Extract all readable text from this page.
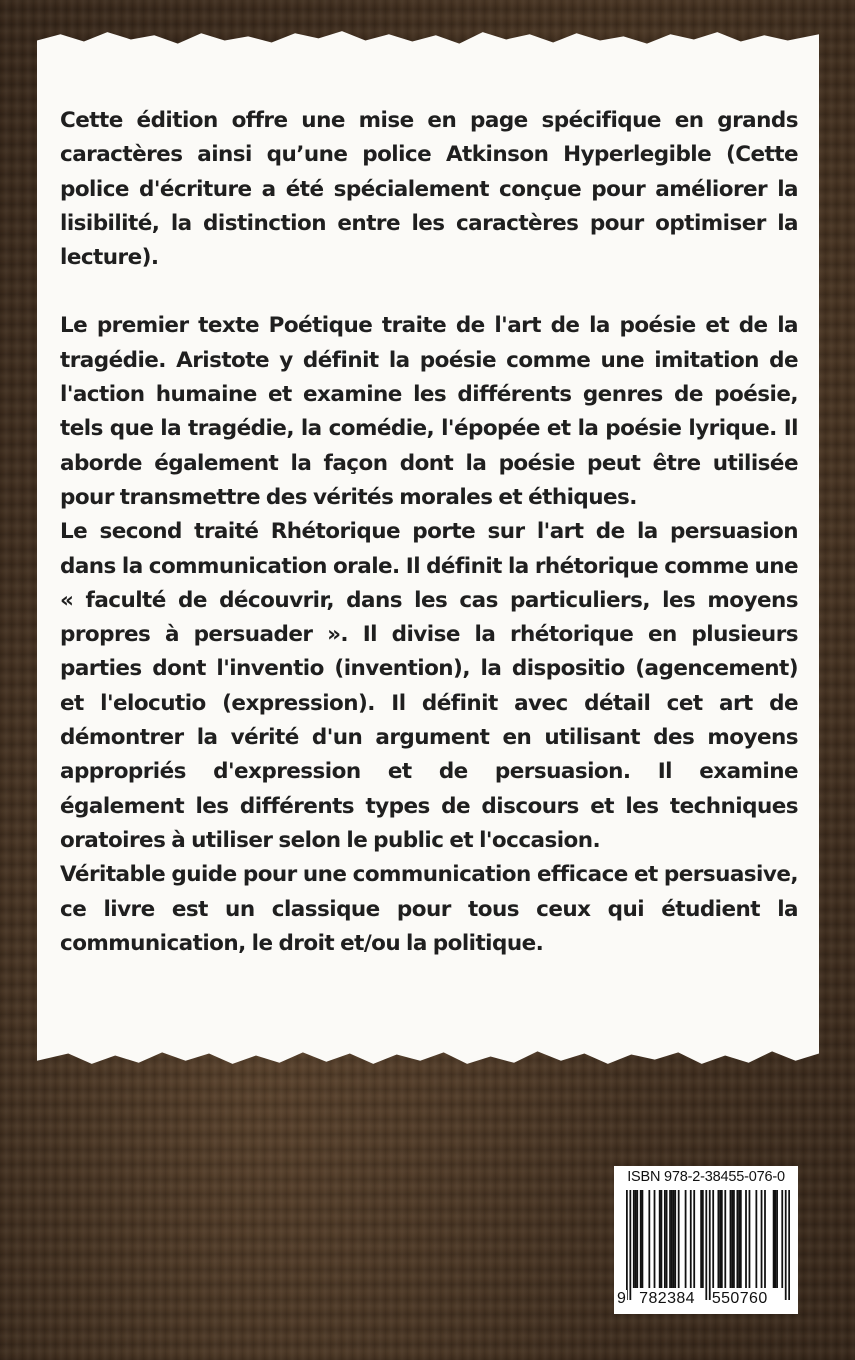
Cette édition offre une mise en page spécifique en grands caractères ainsi qu’une police Atkinson Hyperlegible (Cette police d'écriture a été spécialement conçue pour améliorer la lisibilité, la distinction entre les caractères pour optimiser la lecture).

Le premier texte Poétique traite de l'art de la poésie et de la tragédie. Aristote y définit la poésie comme une imitation de l'action humaine et examine les différents genres de poésie, tels que la tragédie, la comédie, l'épopée et la poésie lyrique. Il aborde également la façon dont la poésie peut être utilisée pour transmettre des vérités morales et éthiques.

Le second traité Rhétorique porte sur l'art de la persuasion dans la communication orale. Il définit la rhétorique comme une « faculté de découvrir, dans les cas particuliers, les moyens propres à persuader ». Il divise la rhétorique en plusieurs parties dont l'inventio (invention), la dispositio (agencement) et l'elocutio (expression). Il définit avec détail cet art de démontrer la vérité d'un argument en utilisant des moyens appropriés d'expression et de persuasion. Il examine également les différents types de discours et les techniques oratoires à utiliser selon le public et l'occasion.

Véritable guide pour une communication efficace et persuasive, ce livre est un classique pour tous ceux qui étudient la communication, le droit et/ou la politique.

ISBN 978-2-38455-076-0
9 782384 550760
